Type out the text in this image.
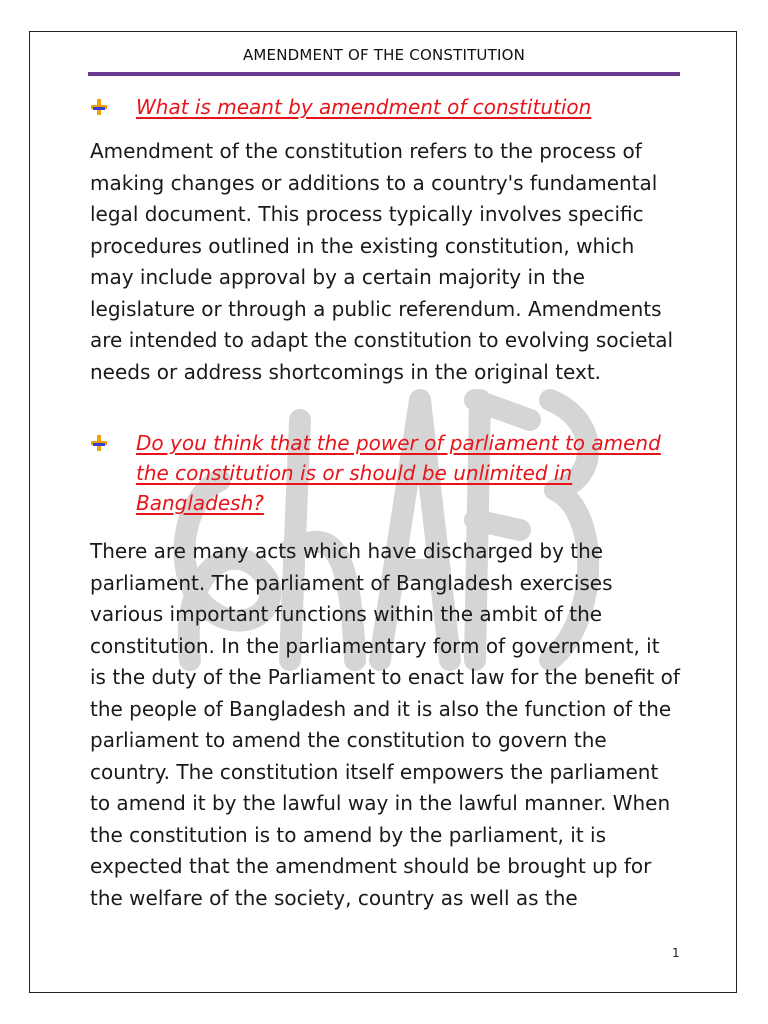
AMENDMENT OF THE CONSTITUTION
What is meant by amendment of constitution
Amendment of the constitution refers to the process of making changes or additions to a country's fundamental legal document. This process typically involves specific procedures outlined in the existing constitution, which may include approval by a certain majority in the legislature or through a public referendum. Amendments are intended to adapt the constitution to evolving societal needs or address shortcomings in the original text.
Do you think that the power of parliament to amend the constitution is or should be unlimited in Bangladesh?
There are many acts which have discharged by the parliament. The parliament of Bangladesh exercises various important functions within the ambit of the constitution. In the parliamentary form of government, it is the duty of the Parliament to enact law for the benefit of the people of Bangladesh and it is also the function of the parliament to amend the constitution to govern the country. The constitution itself empowers the parliament to amend it by the lawful way in the lawful manner. When the constitution is to amend by the parliament, it is expected that the amendment should be brought up for the welfare of the society, country as well as the
1
